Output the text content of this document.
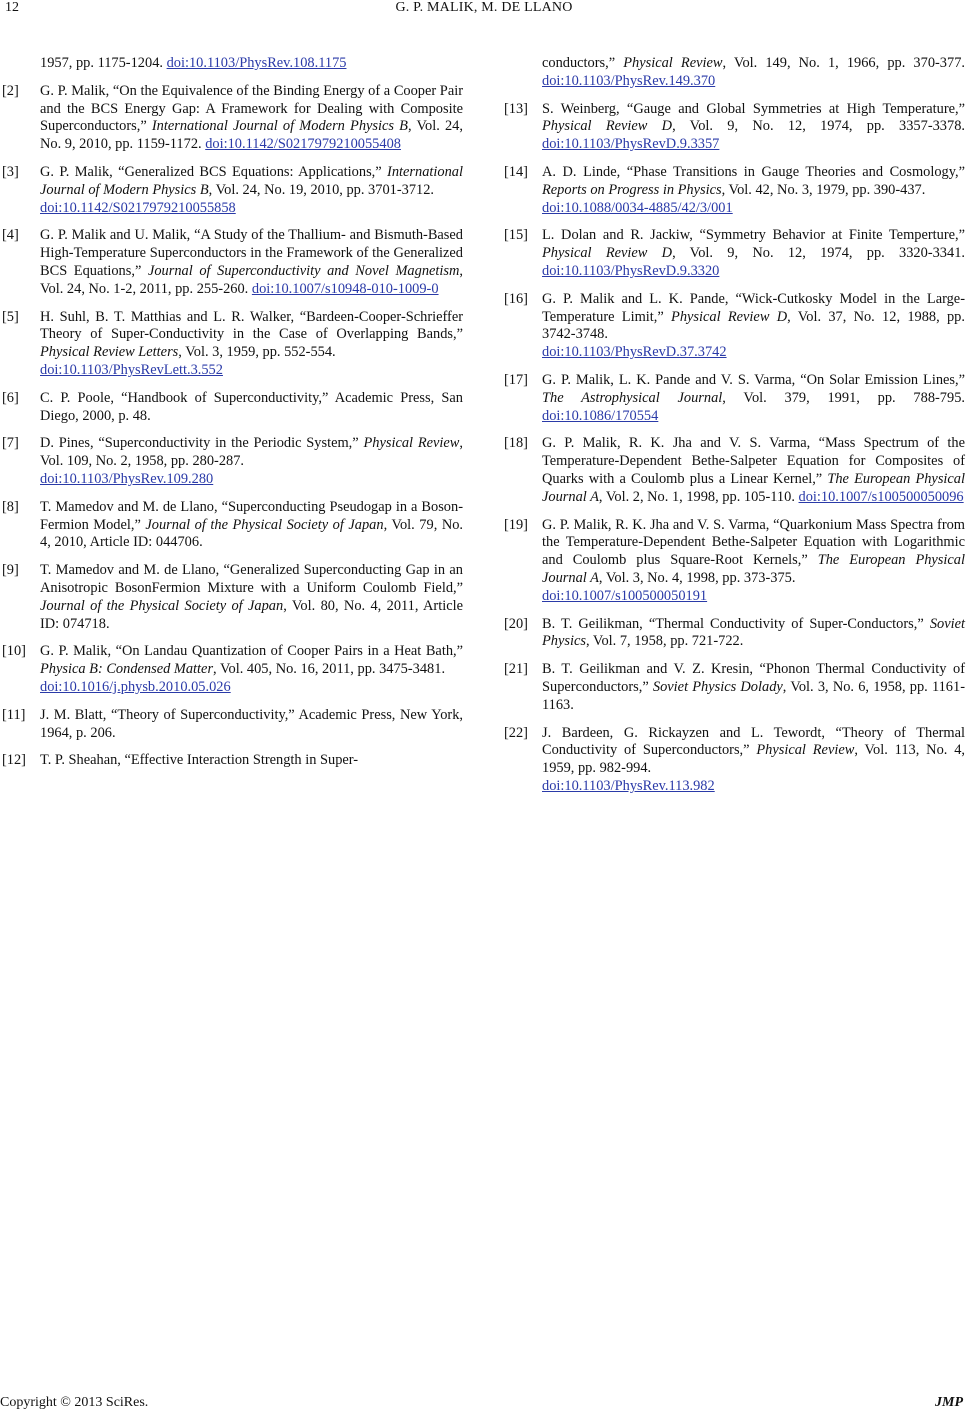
12	G. P. MALIK, M. DE LLANO
1957, pp. 1175-1204. doi:10.1103/PhysRev.108.1175
[2] G. P. Malik, “On the Equivalence of the Binding Energy of a Cooper Pair and the BCS Energy Gap: A Framework for Dealing with Composite Superconductors,” International Journal of Modern Physics B, Vol. 24, No. 9, 2010, pp. 1159-1172. doi:10.1142/S0217979210055408
[3] G. P. Malik, “Generalized BCS Equations: Applications,” International Journal of Modern Physics B, Vol. 24, No. 19, 2010, pp. 3701-3712.
doi:10.1142/S0217979210055858
[4] G. P. Malik and U. Malik, “A Study of the Thallium- and Bismuth-Based High-Temperature Superconductors in the Framework of the Generalized BCS Equations,” Journal of Superconductivity and Novel Magnetism, Vol. 24, No. 1-2, 2011, pp. 255-260. doi:10.1007/s10948-010-1009-0
[5] H. Suhl, B. T. Matthias and L. R. Walker, “Bardeen-Cooper-Schrieffer Theory of Super-Conductivity in the Case of Overlapping Bands,” Physical Review Letters, Vol. 3, 1959, pp. 552-554.
doi:10.1103/PhysRevLett.3.552
[6] C. P. Poole, “Handbook of Superconductivity,” Academic Press, San Diego, 2000, p. 48.
[7] D. Pines, “Superconductivity in the Periodic System,” Physical Review, Vol. 109, No. 2, 1958, pp. 280-287.
doi:10.1103/PhysRev.109.280
[8] T. Mamedov and M. de Llano, “Superconducting Pseudogap in a Boson-Fermion Model,” Journal of the Physical Society of Japan, Vol. 79, No. 4, 2010, Article ID: 044706.
[9] T. Mamedov and M. de Llano, “Generalized Superconducting Gap in an Anisotropic BosonFermion Mixture with a Uniform Coulomb Field,” Journal of the Physical Society of Japan, Vol. 80, No. 4, 2011, Article ID: 074718.
[10] G. P. Malik, “On Landau Quantization of Cooper Pairs in a Heat Bath,” Physica B: Condensed Matter, Vol. 405, No. 16, 2011, pp. 3475-3481.
doi:10.1016/j.physb.2010.05.026
[11] J. M. Blatt, “Theory of Superconductivity,” Academic Press, New York, 1964, p. 206.
[12] T. P. Sheahan, “Effective Interaction Strength in Super-
conductors,” Physical Review, Vol. 149, No. 1, 1966, pp. 370-377. doi:10.1103/PhysRev.149.370
[13] S. Weinberg, “Gauge and Global Symmetries at High Temperature,” Physical Review D, Vol. 9, No. 12, 1974, pp. 3357-3378. doi:10.1103/PhysRevD.9.3357
[14] A. D. Linde, “Phase Transitions in Gauge Theories and Cosmology,” Reports on Progress in Physics, Vol. 42, No. 3, 1979, pp. 390-437.
doi:10.1088/0034-4885/42/3/001
[15] L. Dolan and R. Jackiw, “Symmetry Behavior at Finite Temperture,” Physical Review D, Vol. 9, No. 12, 1974, pp. 3320-3341. doi:10.1103/PhysRevD.9.3320
[16] G. P. Malik and L. K. Pande, “Wick-Cutkosky Model in the Large-Temperature Limit,” Physical Review D, Vol. 37, No. 12, 1988, pp. 3742-3748.
doi:10.1103/PhysRevD.37.3742
[17] G. P. Malik, L. K. Pande and V. S. Varma, “On Solar Emission Lines,” The Astrophysical Journal, Vol. 379, 1991, pp. 788-795. doi:10.1086/170554
[18] G. P. Malik, R. K. Jha and V. S. Varma, “Mass Spectrum of the Temperature-Dependent Bethe-Salpeter Equation for Composites of Quarks with a Coulomb plus a Linear Kernel,” The European Physical Journal A, Vol. 2, No. 1, 1998, pp. 105-110. doi:10.1007/s100500050096
[19] G. P. Malik, R. K. Jha and V. S. Varma, “Quarkonium Mass Spectra from the Temperature-Dependent Bethe-Salpeter Equation with Logarithmic and Coulomb plus Square-Root Kernels,” The European Physical Journal A, Vol. 3, No. 4, 1998, pp. 373-375.
doi:10.1007/s100500050191
[20] B. T. Geilikman, “Thermal Conductivity of Super-Conductors,” Soviet Physics, Vol. 7, 1958, pp. 721-722.
[21] B. T. Geilikman and V. Z. Kresin, “Phonon Thermal Conductivity of Superconductors,” Soviet Physics Dolady, Vol. 3, No. 6, 1958, pp. 1161-1163.
[22] J. Bardeen, G. Rickayzen and L. Tewordt, “Theory of Thermal Conductivity of Superconductors,” Physical Review, Vol. 113, No. 4, 1959, pp. 982-994.
doi:10.1103/PhysRev.113.982
Copyright © 2013 SciRes.	JMP
